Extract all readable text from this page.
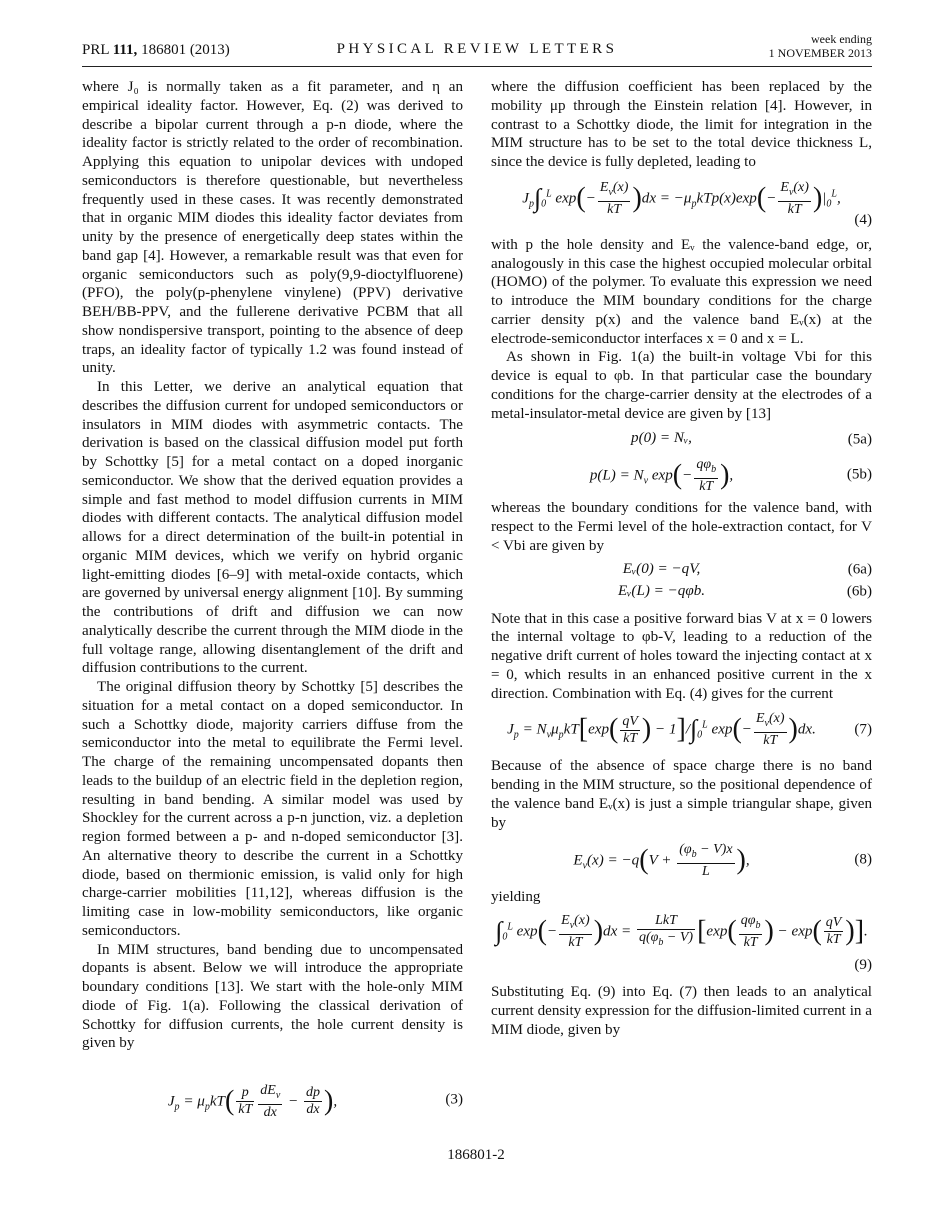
PRL 111, 186801 (2013)	PHYSICAL REVIEW LETTERS
week ending
1 NOVEMBER 2013

where J₀ is normally taken as a fit parameter, and η an empirical ideality factor. However, Eq. (2) was derived to describe a bipolar current through a p-n diode, where the ideality factor is strictly related to the order of recombination. Applying this equation to unipolar devices with undoped semiconductors is therefore questionable, but nevertheless frequently used in these cases. It was recently demonstrated that in organic MIM diodes this ideality factor deviates from unity by the presence of energetically deep states within the band gap [4]. However, a remarkable result was that even for organic semiconductors such as poly(9,9-dioctylfluorene) (PFO), the poly(p-phenylene vinylene) (PPV) derivative BEH/BB-PPV, and the fullerene derivative PCBM that all show nondispersive transport, pointing to the absence of deep traps, an ideality factor of typically 1.2 was found instead of unity.

In this Letter, we derive an analytical equation that describes the diffusion current for undoped semiconductors or insulators in MIM diodes with asymmetric contacts. The derivation is based on the classical diffusion model put forth by Schottky [5] for a metal contact on a doped inorganic semiconductor. We show that the derived equation provides a simple and fast method to model diffusion currents in MIM diodes with different contacts. The analytical diffusion model allows for a direct determination of the built-in potential in organic MIM devices, which we verify on hybrid organic light-emitting diodes [6–9] with metal-oxide contacts, which are governed by universal energy alignment [10]. By summing the contributions of drift and diffusion we can now analytically describe the current through the MIM diode in the full voltage range, allowing disentanglement of the drift and diffusion contributions to the current.

The original diffusion theory by Schottky [5] describes the situation for a metal contact on a doped semiconductor. In such a Schottky diode, majority carriers diffuse from the semiconductor into the metal to equilibrate the Fermi level. The charge of the remaining uncompensated dopants then leads to the buildup of an electric field in the depletion region, resulting in band bending. A similar model was used by Shockley for the current across a p-n junction, viz. a depletion region formed between a p- and n-doped semiconductor [3]. An alternative theory to describe the current in a Schottky diode, based on thermionic emission, is valid only for high charge-carrier mobilities [11,12], whereas diffusion is the limiting case in low-mobility semiconductors, like organic semiconductors.

In MIM structures, band bending due to uncompensated dopants is absent. Below we will introduce the appropriate boundary conditions [13]. We start with the hole-only MIM diode of Fig. 1(a). Following the classical derivation of Schottky for diffusion currents, the hole current density is given by

$J_p = \mu_pkT( \frac{p}{kT} \frac{dE_v}{dx} - \frac{dp}{dx}$ ),	(3)

where the diffusion coefficient has been replaced by the mobility μp through the Einstein relation [4]. However, in contrast to a Schottky diode, the limit for integration in the MIM structure has to be set to the total device thickness L, since the device is fully depleted, leading to

$J_p\int_0^L$ $\exp(- \frac{E_v(x)}{kT} )dx = -\mu_pkTp(x)\exp(- \frac{E_v(x)}{kT} )|_0^L$,
(4)

with p the hole density and Eᵥ the valence-band edge, or, analogously in this case the highest occupied molecular orbital (HOMO) of the polymer. To evaluate this expression we need to introduce the MIM boundary conditions for the charge carrier density p(x) and the valence band Eᵥ(x) at the electrode-semiconductor interfaces x = 0 and x = L.

As shown in Fig. 1(a) the built-in voltage Vbi for this device is equal to φb. In that particular case the boundary conditions for the charge-carrier density at the electrodes of a metal-insulator-metal device are given by [13]

p(0) = Nᵥ,	(5a)
$p(L) = N_v$ $\exp(- \frac{q\varphi_b}{kT}$ ),	(5b)

whereas the boundary conditions for the valence band, with respect to the Fermi level of the hole-extraction contact, for V < Vbi are given by

Eᵥ(0) = −qV,	(6a)
Eᵥ(L) = −qφb.	(6b)

Note that in this case a positive forward bias V at x = 0 lowers the internal voltage to φb-V, leading to a reduction of the negative drift current of holes toward the injecting contact at x = 0, which results in an enhanced positive current in the x direction. Combination with Eq. (4) gives for the current

$J_p = N_v\mu_pkT[\exp( \frac{qV}{kT}$ ) − $1]/\int_0^L$ $\exp(- \frac{E_v(x)}{kT} )dx$.	(7)

Because of the absence of space charge there is no band bending in the MIM structure, so the positional dependence of the valence band Eᵥ(x) is just a simple triangular shape, given by

$E_v(x) = -q(V + \frac{(\varphi_b - V)x}{L}$ ),	(8)

yielding

$\int_0^L$ $\exp(- \frac{E_v(x)}{kT} )dx = \frac{\text{LkT}}{q(\varphi_b - V)} [\exp( \frac{q\varphi_b}{kT}$ ) − $\exp( \frac{qV}{kT}$ )].
(9)

Substituting Eq. (9) into Eq. (7) then leads to an analytical current density expression for the diffusion-limited current in a MIM diode, given by

186801-2
